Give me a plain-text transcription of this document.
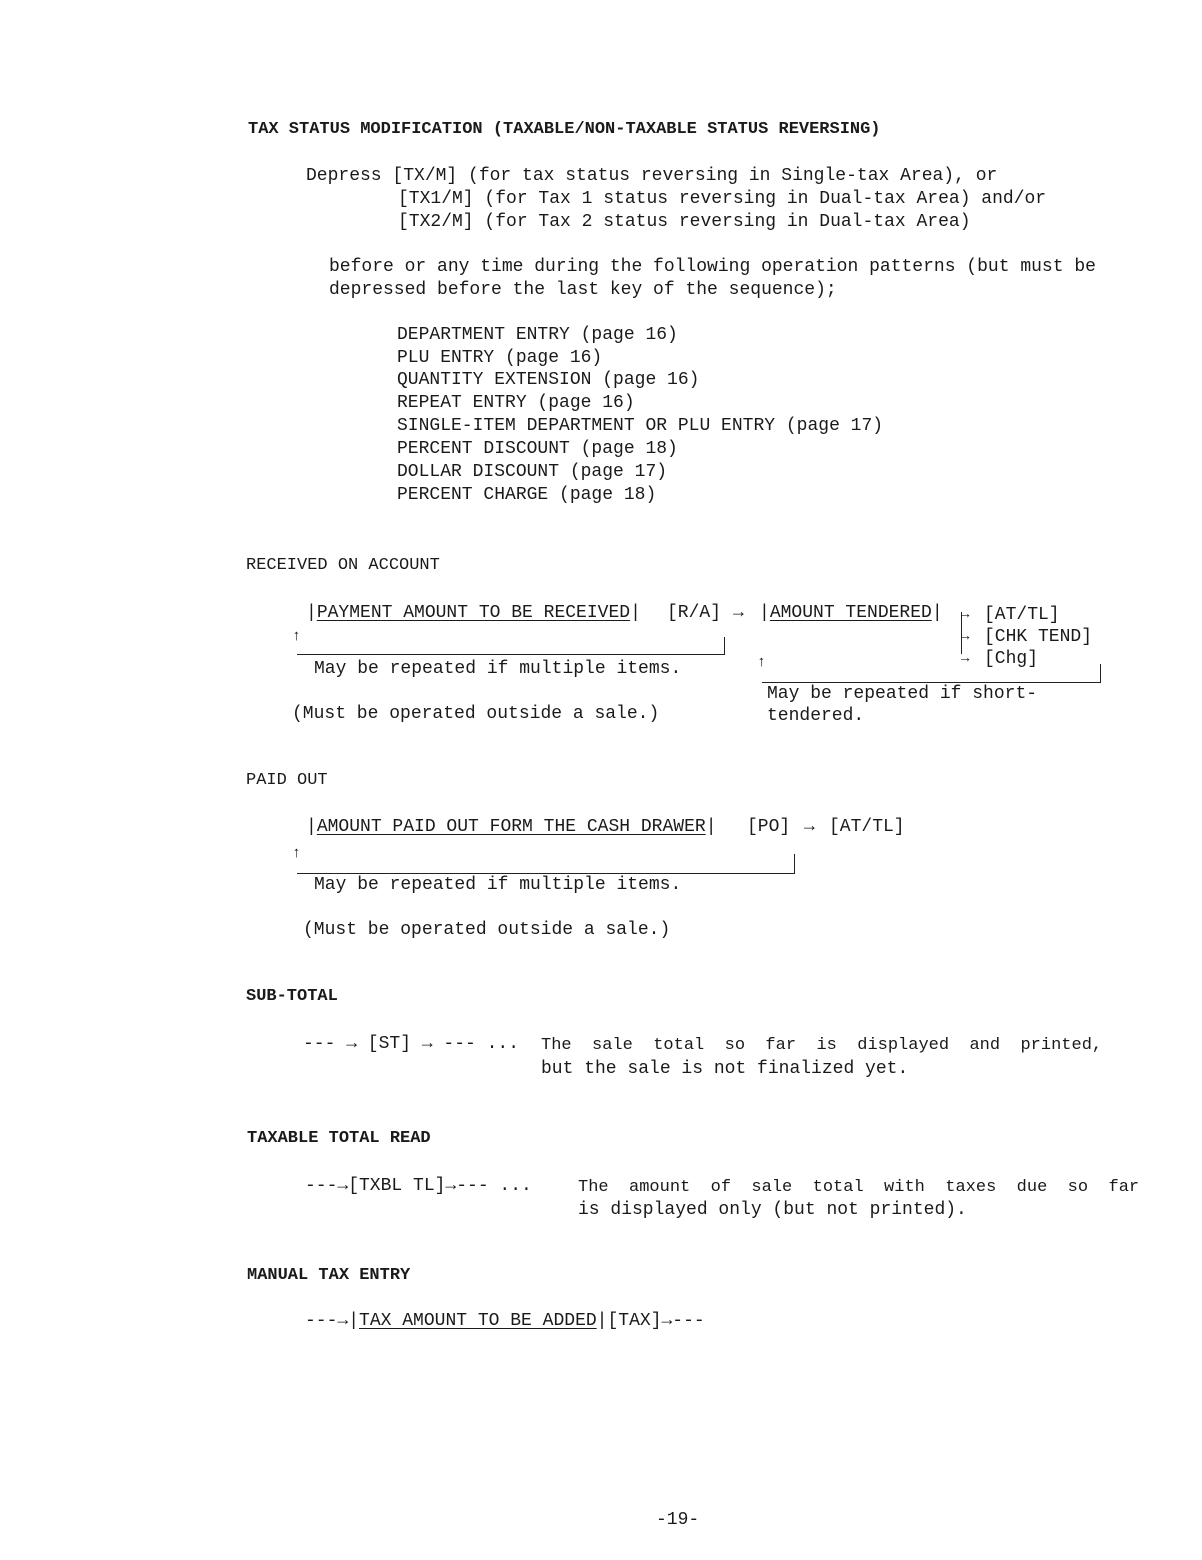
TAX STATUS MODIFICATION (TAXABLE/NON-TAXABLE STATUS REVERSING)
Depress [TX/M] (for tax status reversing in Single-tax Area), or
[TX1/M] (for Tax 1 status reversing in Dual-tax Area) and/or
[TX2/M] (for Tax 2 status reversing in Dual-tax Area)
before or any time during the following operation patterns (but must be
depressed before the last key of the sequence);
DEPARTMENT ENTRY (page 16)
PLU ENTRY (page 16)
QUANTITY EXTENSION (page 16)
REPEAT ENTRY (page 16)
SINGLE-ITEM DEPARTMENT OR PLU ENTRY (page 17)
PERCENT DISCOUNT (page 18)
DOLLAR DISCOUNT (page 17)
PERCENT CHARGE (page 18)
RECEIVED ON ACCOUNT
|PAYMENT AMOUNT TO BE RECEIVED| [R/A] → |AMOUNT TENDERED| →
→
→
[AT/TL]
[CHK TEND]
[Chg]
↑
May be repeated if multiple items.
(Must be operated outside a sale.)
↑
May be repeated if short-
tendered.
PAID OUT
|AMOUNT PAID OUT FORM THE CASH DRAWER| [PO] → [AT/TL]
↑
May be repeated if multiple items.
(Must be operated outside a sale.)
SUB-TOTAL
--- → [ST] → --- ... The  sale  total  so  far  is  displayed  and  printed,
but the sale is not finalized yet.
TAXABLE TOTAL READ
---→[TXBL TL]→--- ...	The  amount  of  sale  total  with  taxes  due  so  far
is displayed only (but not printed).
MANUAL TAX ENTRY
---→|TAX AMOUNT TO BE ADDED|[TAX]→---
-19-
